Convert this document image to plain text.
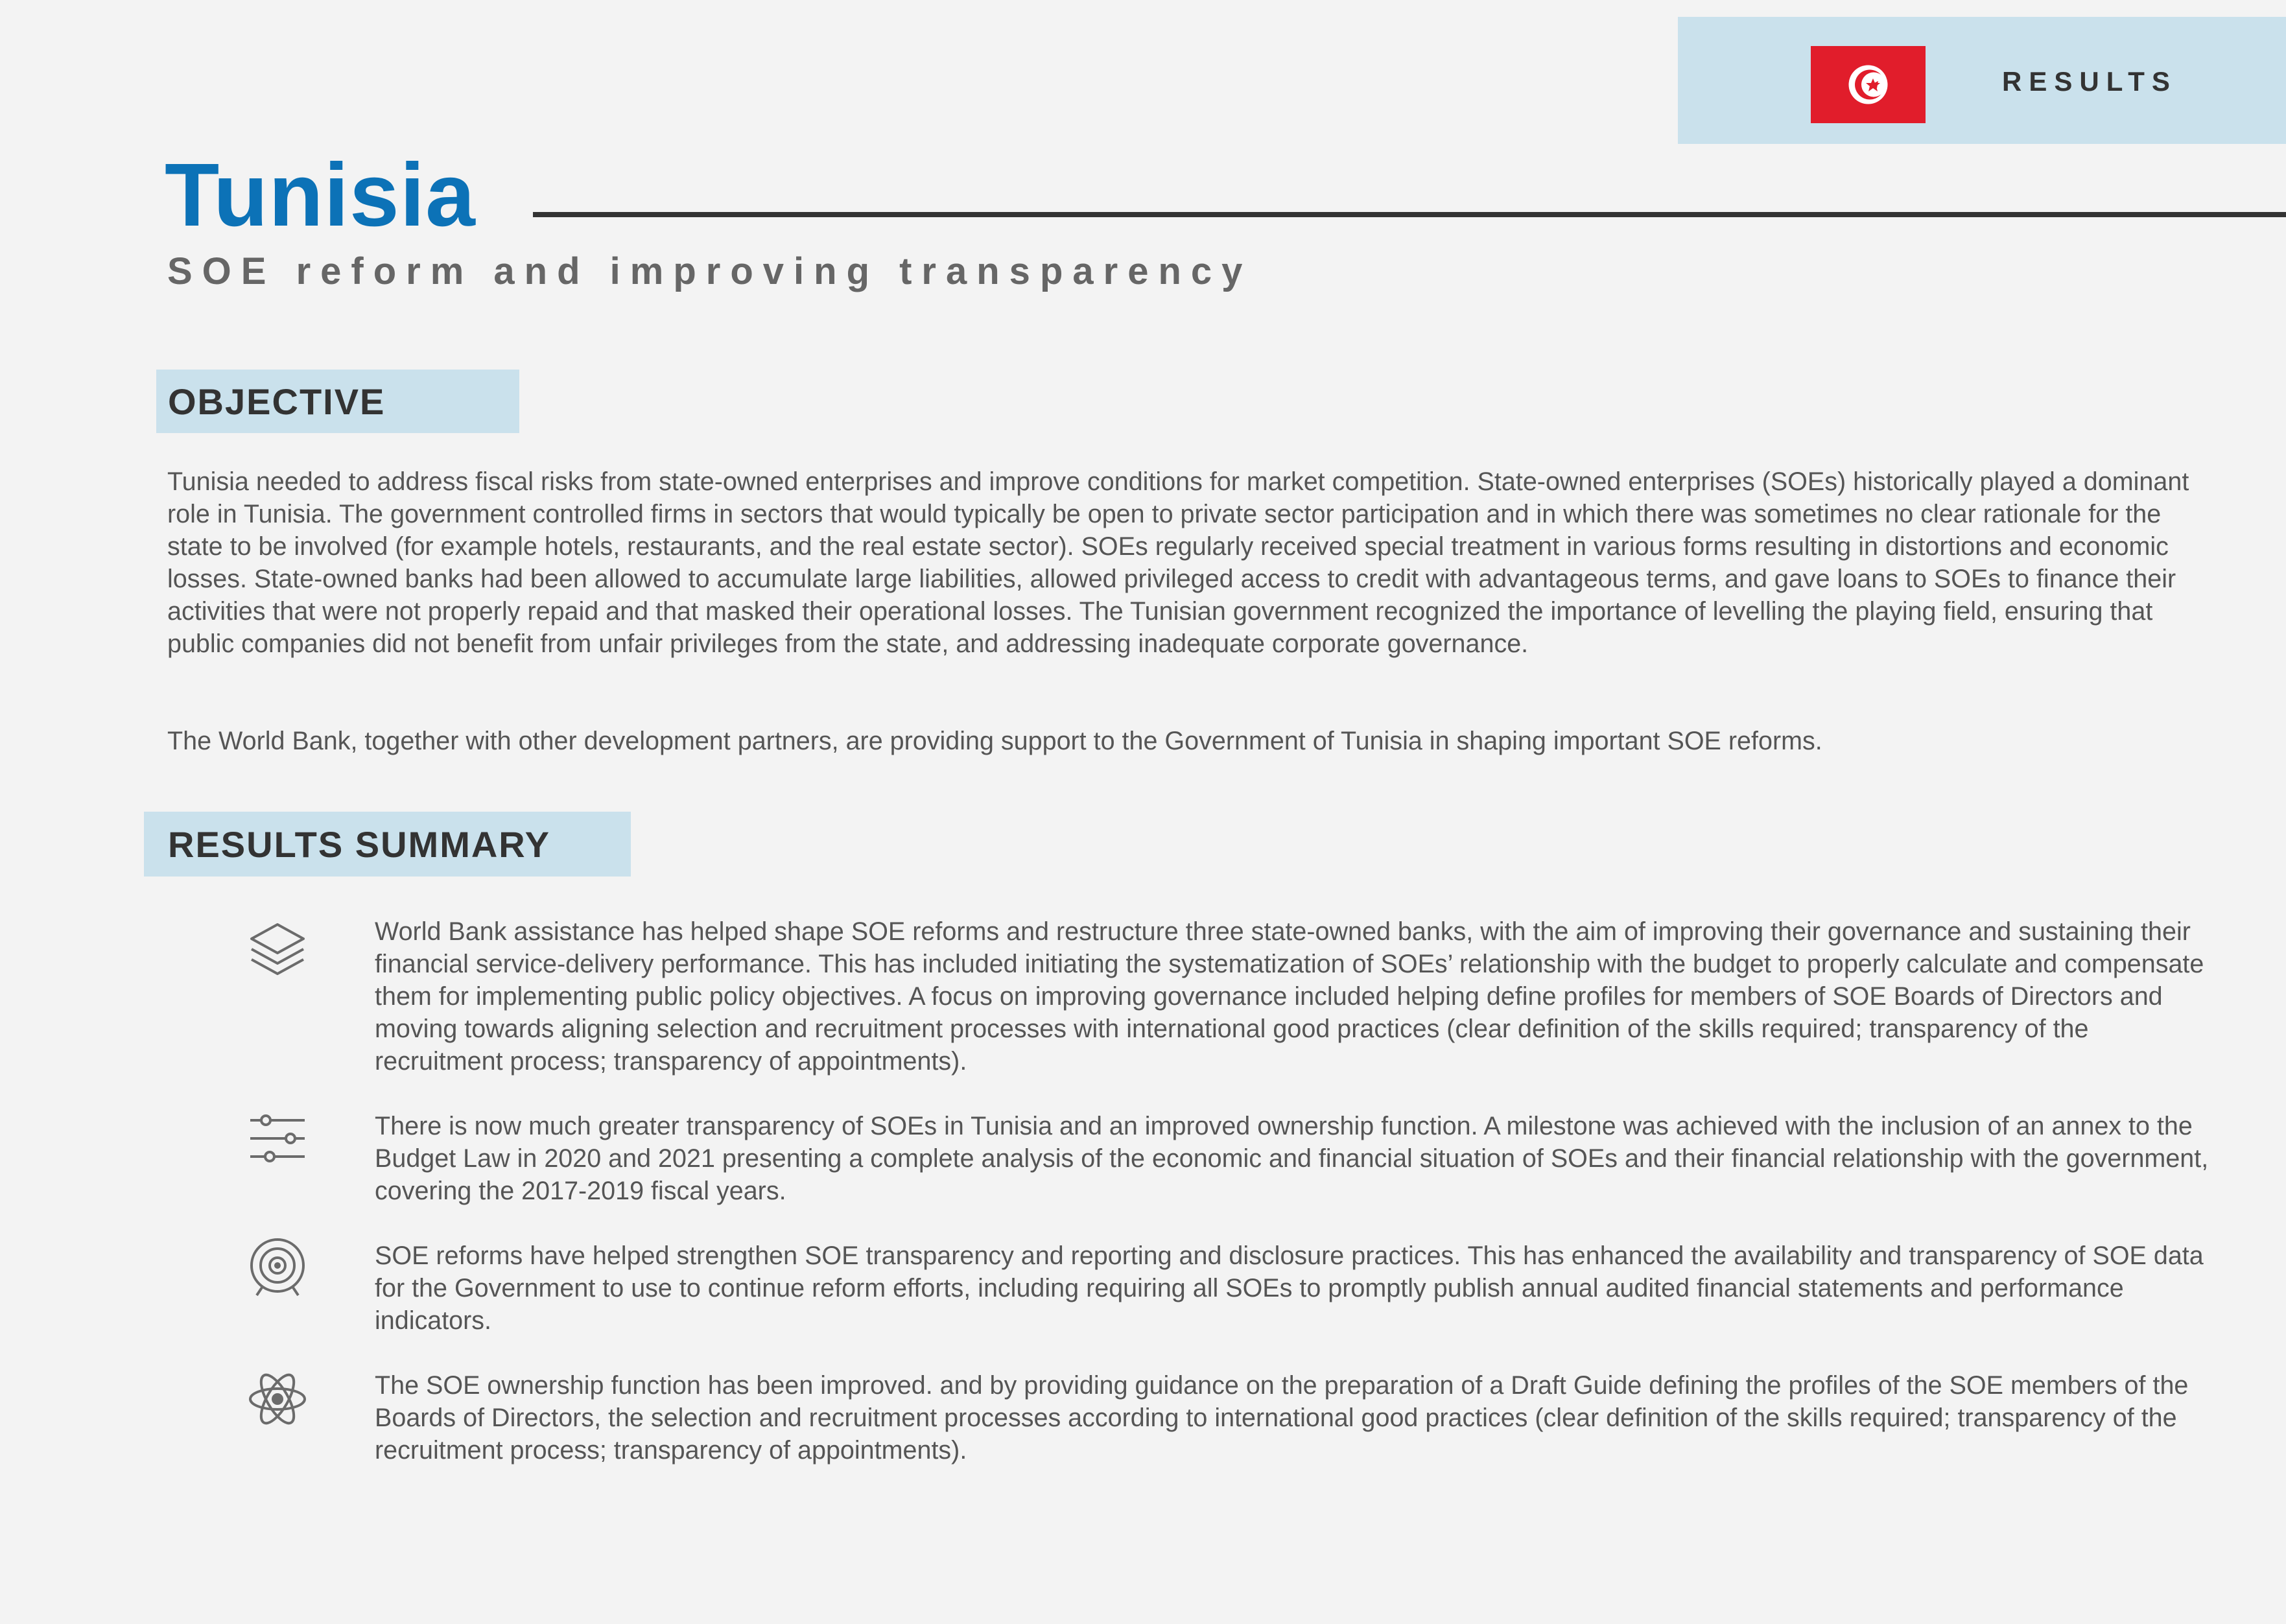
RESULTS
Tunisia
SOE reform and improving transparency
OBJECTIVE

Tunisia needed to address fiscal risks from state-owned enterprises and improve conditions for market competition. State-owned enterprises (SOEs) historically played a dominant role in Tunisia. The government controlled firms in sectors that would typically be open to private sector participation and in which there was sometimes no clear rationale for the state to be involved (for example hotels, restaurants, and the real estate sector). SOEs regularly received special treatment in various forms resulting in distortions and economic losses. State-owned banks had been allowed to accumulate large liabilities, allowed privileged access to credit with advantageous terms, and gave loans to SOEs to finance their activities that were not properly repaid and that masked their operational losses. The Tunisian government recognized the importance of levelling the playing field, ensuring that public companies did not benefit from unfair privileges from the state, and addressing inadequate corporate governance.

The World Bank, together with other development partners, are providing support to the Government of Tunisia in shaping important SOE reforms.

RESULTS SUMMARY

World Bank assistance has helped shape SOE reforms and restructure three state-owned banks, with the aim of improving their governance and sustaining their financial service-delivery performance. This has included initiating the systematization of SOEs’ relationship with the budget to properly calculate and compensate them for implementing public policy objectives. A focus on improving governance included helping define profiles for members of SOE Boards of Directors and moving towards aligning selection and recruitment processes with international good practices (clear definition of the skills required; transparency of the recruitment process; transparency of appointments).

There is now much greater transparency of SOEs in Tunisia and an improved ownership function. A milestone was achieved with the inclusion of an annex to the Budget Law in 2020 and 2021 presenting a complete analysis of the economic and financial situation of SOEs and their financial relationship with the government, covering the 2017-2019 fiscal years.

SOE reforms have helped strengthen SOE transparency and reporting and disclosure practices. This has enhanced the availability and transparency of SOE data for the Government to use to continue reform efforts, including requiring all SOEs to promptly publish annual audited financial statements and performance indicators.

The SOE ownership function has been improved. and by providing guidance on the preparation of a Draft Guide defining the profiles of the SOE members of the Boards of Directors, the selection and recruitment processes according to international good practices (clear definition of the skills required; transparency of the recruitment process; transparency of appointments).
